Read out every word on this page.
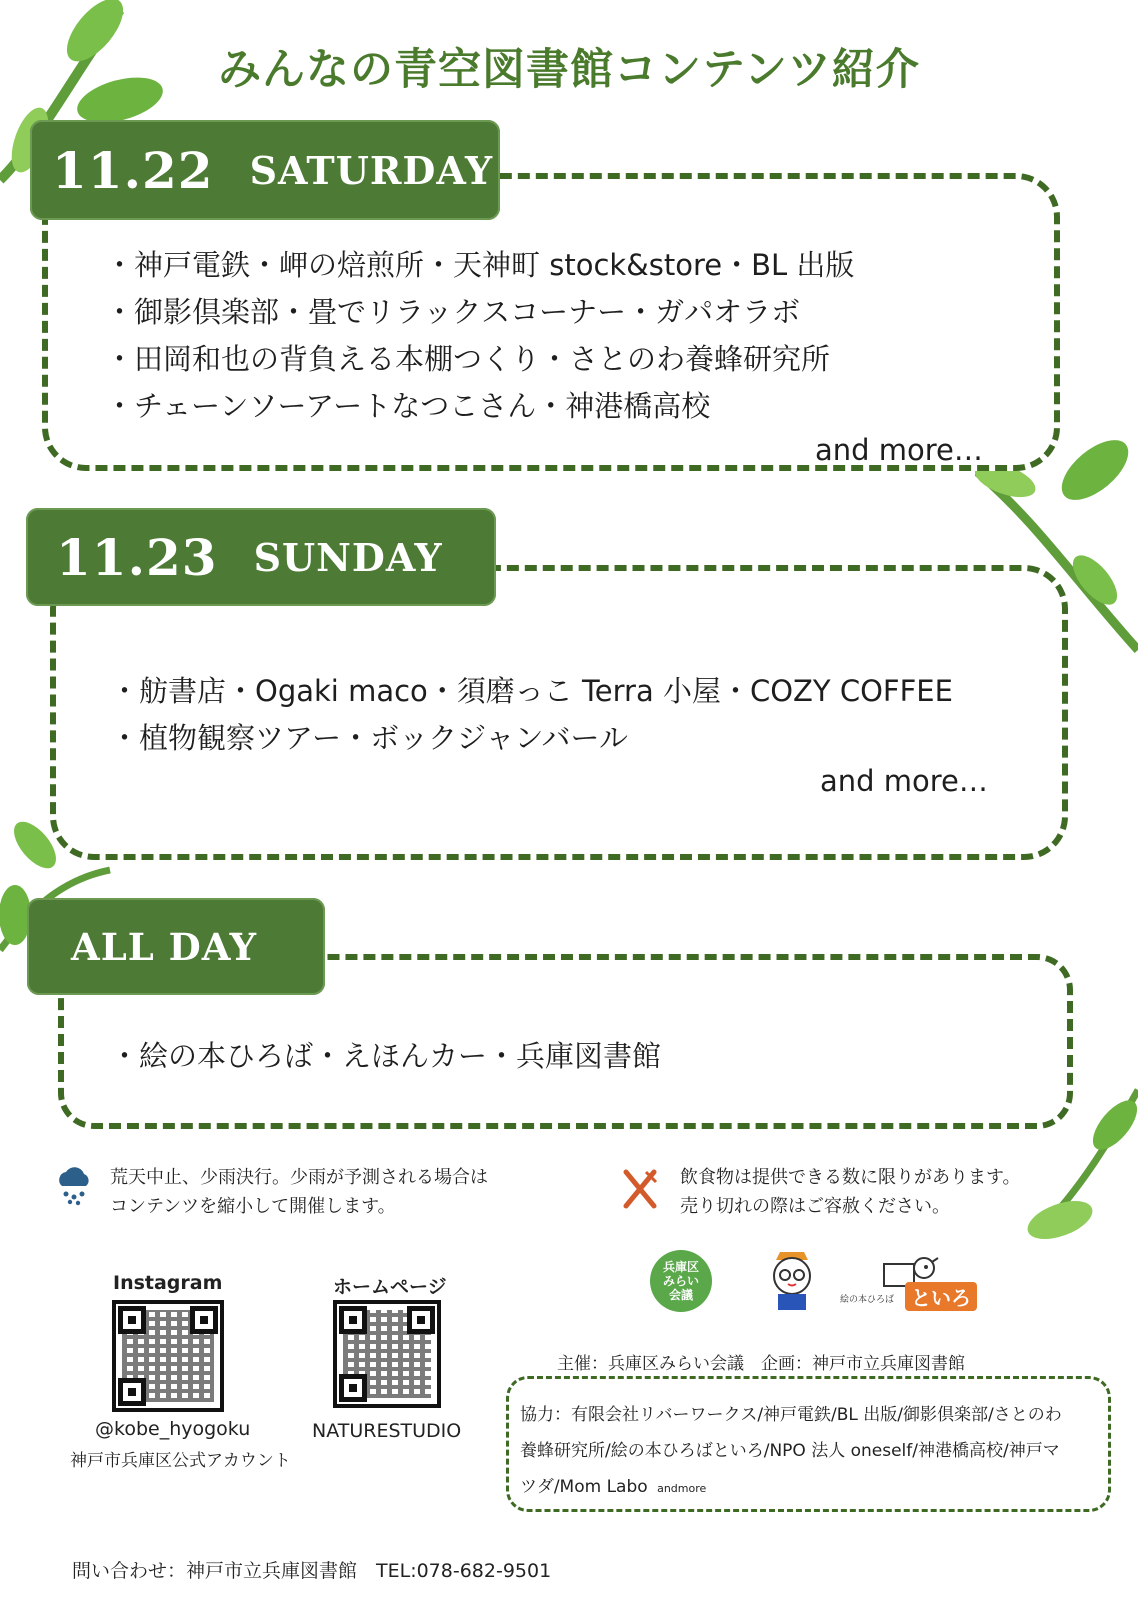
みんなの青空図書館コンテンツ紹介
11.22 SATURDAY
・神戸電鉄・岬の焙煎所・天神町 stock&store・BL 出版
・御影倶楽部・畳でリラックスコーナー・ガパオラボ
・田岡和也の背負える本棚つくり・さとのわ養蜂研究所
・チェーンソーアートなつこさん・神港橋高校
and more…
11.23 SUNDAY
・舫書店・Ogaki maco・須磨っこ Terra 小屋・COZY COFFEE
・植物観察ツアー・ボックジャンバール
and more…
ALL DAY
・絵の本ひろば・えほんカー・兵庫図書館
荒天中止、少雨決行。少雨が予測される場合は
コンテンツを縮小して開催します。
飲食物は提供できる数に限りがあります。
売り切れの際はご容赦ください。
Instagram
@kobe_hyogoku
神戸市兵庫区公式アカウント
ホームページ
NATURESTUDIO
兵庫区みらい会議	絵の本ひろば といろ
主催：兵庫区みらい会議　企画：神戸市立兵庫図書館
協力：有限会社リバーワークス/神戸電鉄/BL 出版/御影倶楽部/さとのわ
養蜂研究所/絵の本ひろばといろ/NPO 法人 oneself/神港橋高校/神戸マ
ツダ/Mom Labo andmore
問い合わせ：神戸市立兵庫図書館　TEL:078-682-9501
